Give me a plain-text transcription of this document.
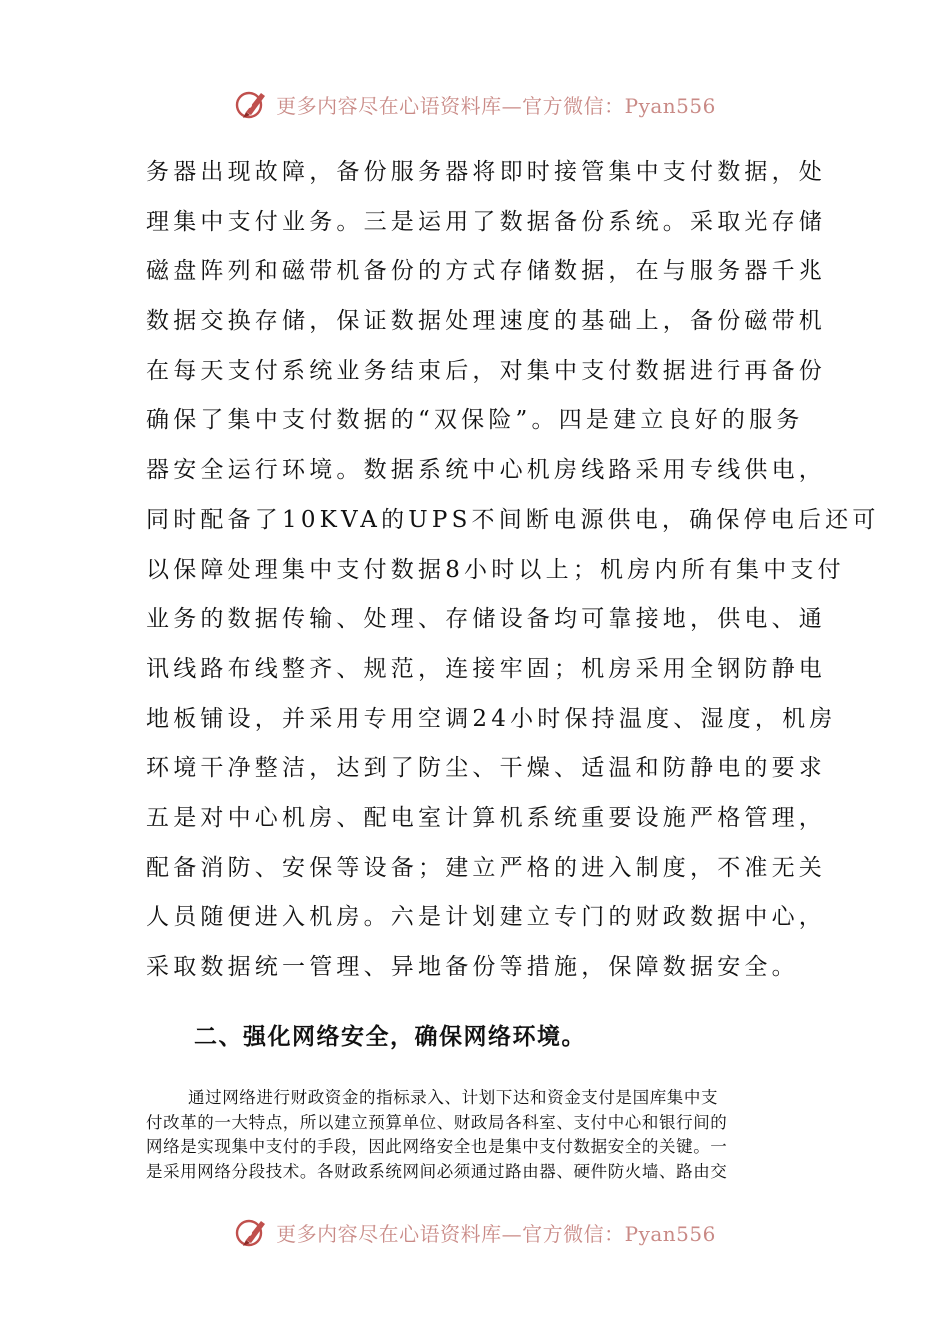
更多内容尽在心语资料库—官方微信：Pyan556
务器出现故障，备份服务器将即时接管集中支付数据，处
理集中支付业务。三是运用了数据备份系统。采取光存储
磁盘阵列和磁带机备份的方式存储数据，在与服务器千兆
数据交换存储，保证数据处理速度的基础上，备份磁带机
在每天支付系统业务结束后，对集中支付数据进行再备份
确保了集中支付数据的“双保险”。四是建立良好的服务
器安全运行环境。数据系统中心机房线路采用专线供电，
同时配备了10KVA的UPS不间断电源供电，确保停电后还可
以保障处理集中支付数据8小时以上；机房内所有集中支付
业务的数据传输、处理、存储设备均可靠接地，供电、通
讯线路布线整齐、规范，连接牢固；机房采用全钢防静电
地板铺设，并采用专用空调24小时保持温度、湿度，机房
环境干净整洁，达到了防尘、干燥、适温和防静电的要求
五是对中心机房、配电室计算机系统重要设施严格管理，
配备消防、安保等设备；建立严格的进入制度，不准无关
人员随便进入机房。六是计划建立专门的财政数据中心，
采取数据统一管理、异地备份等措施，保障数据安全。
二、强化网络安全，确保网络环境。
通过网络进行财政资金的指标录入、计划下达和资金支付是国库集中支
付改革的一大特点，所以建立预算单位、财政局各科室、支付中心和银行间的
网络是实现集中支付的手段，因此网络安全也是集中支付数据安全的关键。一
是采用网络分段技术。各财政系统网间必须通过路由器、硬件防火墙、路由交
更多内容尽在心语资料库—官方微信：Pyan556
